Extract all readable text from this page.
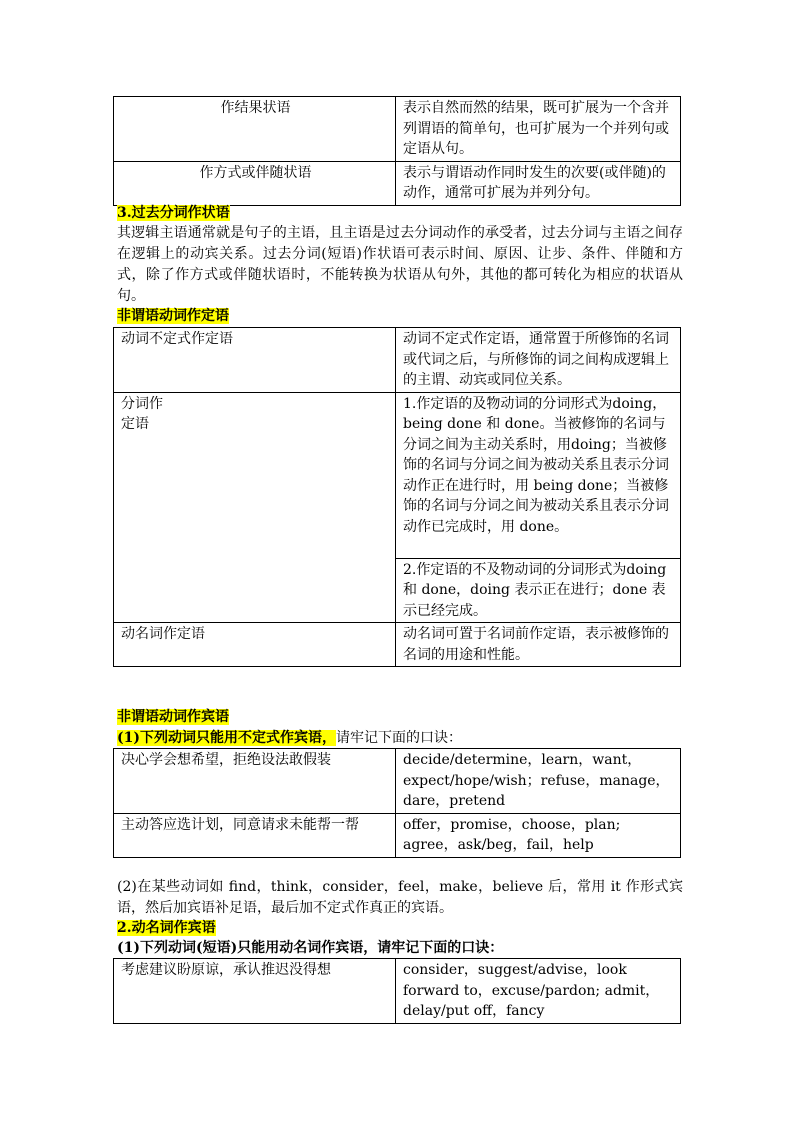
作结果状语	表示自然而然的结果，既可扩展为一个含并列谓语的简单句，也可扩展为一个并列句或定语从句。
作方式或伴随状语	表示与谓语动作同时发生的次要(或伴随)的动作，通常可扩展为并列分句。
3.过去分词作状语
其逻辑主语通常就是句子的主语，且主语是过去分词动作的承受者，过去分词与主语之间存在逻辑上的动宾关系。过去分词(短语)作状语可表示时间、原因、让步、条件、伴随和方式，除了作方式或伴随状语时，不能转换为状语从句外，其他的都可转化为相应的状语从句。
非谓语动词作定语
动词不定式作定语	动词不定式作定语，通常置于所修饰的名词或代词之后，与所修饰的词之间构成逻辑上的主谓、动宾或同位关系。

分词作
定语	1.作定语的及物动词的分词形式为doing，being done 和 done。当被修饰的名词与分词之间为主动关系时，用doing；当被修饰的名词与分词之间为被动关系且表示分词动作正在进行时，用 being done；当被修饰的名词与分词之间为被动关系且表示分词动作已完成时，用 done。
	2.作定语的不及物动词的分词形式为doing 和 done，doing 表示正在进行；done 表示已经完成。
动名词作定语	动名词可置于名词前作定语，表示被修饰的名词的用途和性能。
非谓语动词作宾语
(1)下列动词只能用不定式作宾语，请牢记下面的口诀：
决心学会想希望，拒绝设法敢假装	decide/determine，learn，want，expect/hope/wish；refuse，manage，dare，pretend
主动答应选计划，同意请求未能帮一帮	offer，promise，choose，plan; agree，ask/beg，fail，help
(2)在某些动词如 find，think，consider，feel，make，believe 后，常用 it 作形式宾语，然后加宾语补足语，最后加不定式作真正的宾语。
2.动名词作宾语
(1)下列动词(短语)只能用动名词作宾语，请牢记下面的口诀：
考虑建议盼原谅，承认推迟没得想	consider，suggest/advise，look forward to，excuse/pardon; admit，delay/put off，fancy
